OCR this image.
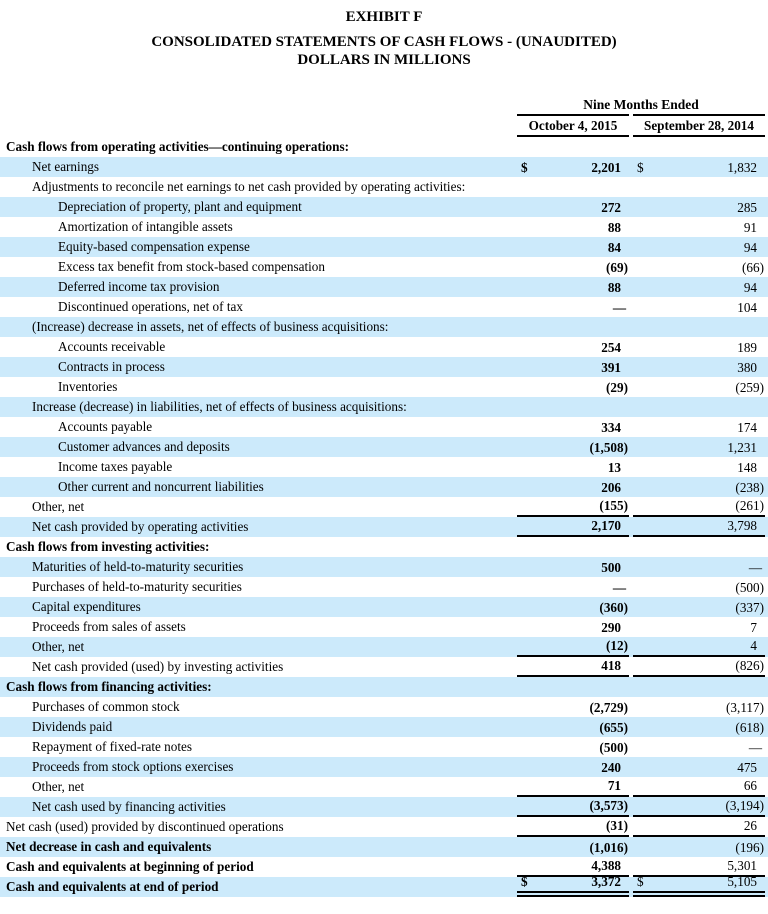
EXHIBIT F
CONSOLIDATED STATEMENTS OF CASH FLOWS - (UNAUDITED)
DOLLARS IN MILLIONS
Nine Months Ended
October 4, 2015	September 28, 2014
Cash flows from operating activities—continuing operations:
Net earnings	$	2,201	$	1,832
Adjustments to reconcile net earnings to net cash provided by operating activities:
Depreciation of property, plant and equipment	272	285
Amortization of intangible assets	88	91
Equity-based compensation expense	84	94
Excess tax benefit from stock-based compensation	(69)	(66)
Deferred income tax provision	88	94
Discontinued operations, net of tax	—	104
(Increase) decrease in assets, net of effects of business acquisitions:
Accounts receivable	254	189
Contracts in process	391	380
Inventories	(29)	(259)
Increase (decrease) in liabilities, net of effects of business acquisitions:
Accounts payable	334	174
Customer advances and deposits	(1,508)	1,231
Income taxes payable	13	148
Other current and noncurrent liabilities	206	(238)
Other, net	(155)	(261)
Net cash provided by operating activities	2,170	3,798
Cash flows from investing activities:
Maturities of held-to-maturity securities	500	—
Purchases of held-to-maturity securities	—	(500)
Capital expenditures	(360)	(337)
Proceeds from sales of assets	290	7
Other, net	(12)	4
Net cash provided (used) by investing activities	418	(826)
Cash flows from financing activities:
Purchases of common stock	(2,729)	(3,117)
Dividends paid	(655)	(618)
Repayment of fixed-rate notes	(500)	—
Proceeds from stock options exercises	240	475
Other, net	71	66
Net cash used by financing activities	(3,573)	(3,194)
Net cash (used) provided by discontinued operations	(31)	26
Net decrease in cash and equivalents	(1,016)	(196)
Cash and equivalents at beginning of period	4,388	5,301
Cash and equivalents at end of period	$	3,372	$	5,105
